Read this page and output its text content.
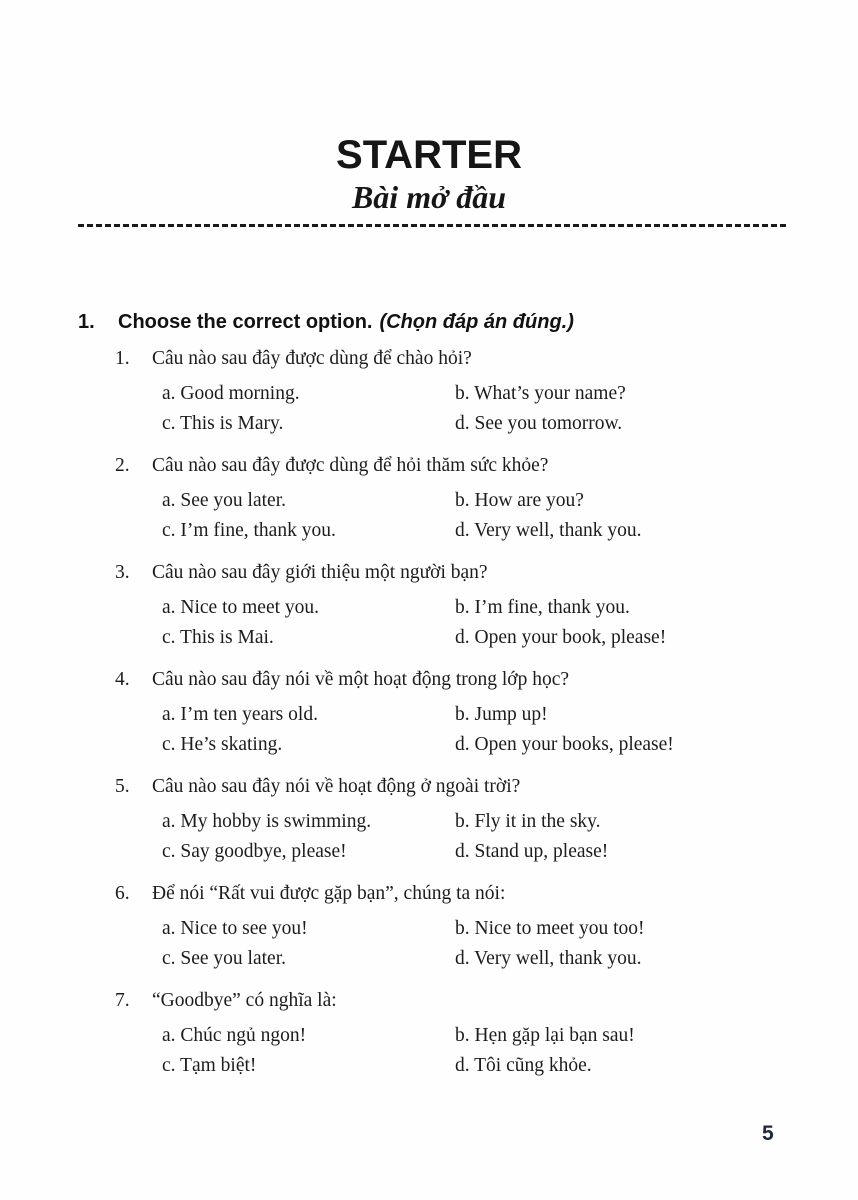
STARTER
Bài mở đầu
1.	Choose the correct option. (Chọn đáp án đúng.)
1.	Câu nào sau đây được dùng để chào hỏi?
a. Good morning.	b. What’s your name?
c. This is Mary.	d. See you tomorrow.
2.	Câu nào sau đây được dùng để hỏi thăm sức khỏe?
a. See you later.	b. How are you?
c. I’m fine, thank you.	d. Very well, thank you.
3.	Câu nào sau đây giới thiệu một người bạn?
a. Nice to meet you.	b. I’m fine, thank you.
c. This is Mai.	d. Open your book, please!
4.	Câu nào sau đây nói về một hoạt động trong lớp học?
a. I’m ten years old.	b. Jump up!
c. He’s skating.	d. Open your books, please!
5.	Câu nào sau đây nói về hoạt động ở ngoài trời?
a. My hobby is swimming.	b. Fly it in the sky.
c. Say goodbye, please!	d. Stand up, please!
6.	Để nói “Rất vui được gặp bạn”, chúng ta nói:
a. Nice to see you!	b. Nice to meet you too!
c. See you later.	d. Very well, thank you.
7.	“Goodbye” có nghĩa là:
a. Chúc ngủ ngon!	b. Hẹn gặp lại bạn sau!
c. Tạm biệt!	d. Tôi cũng khỏe.
5
